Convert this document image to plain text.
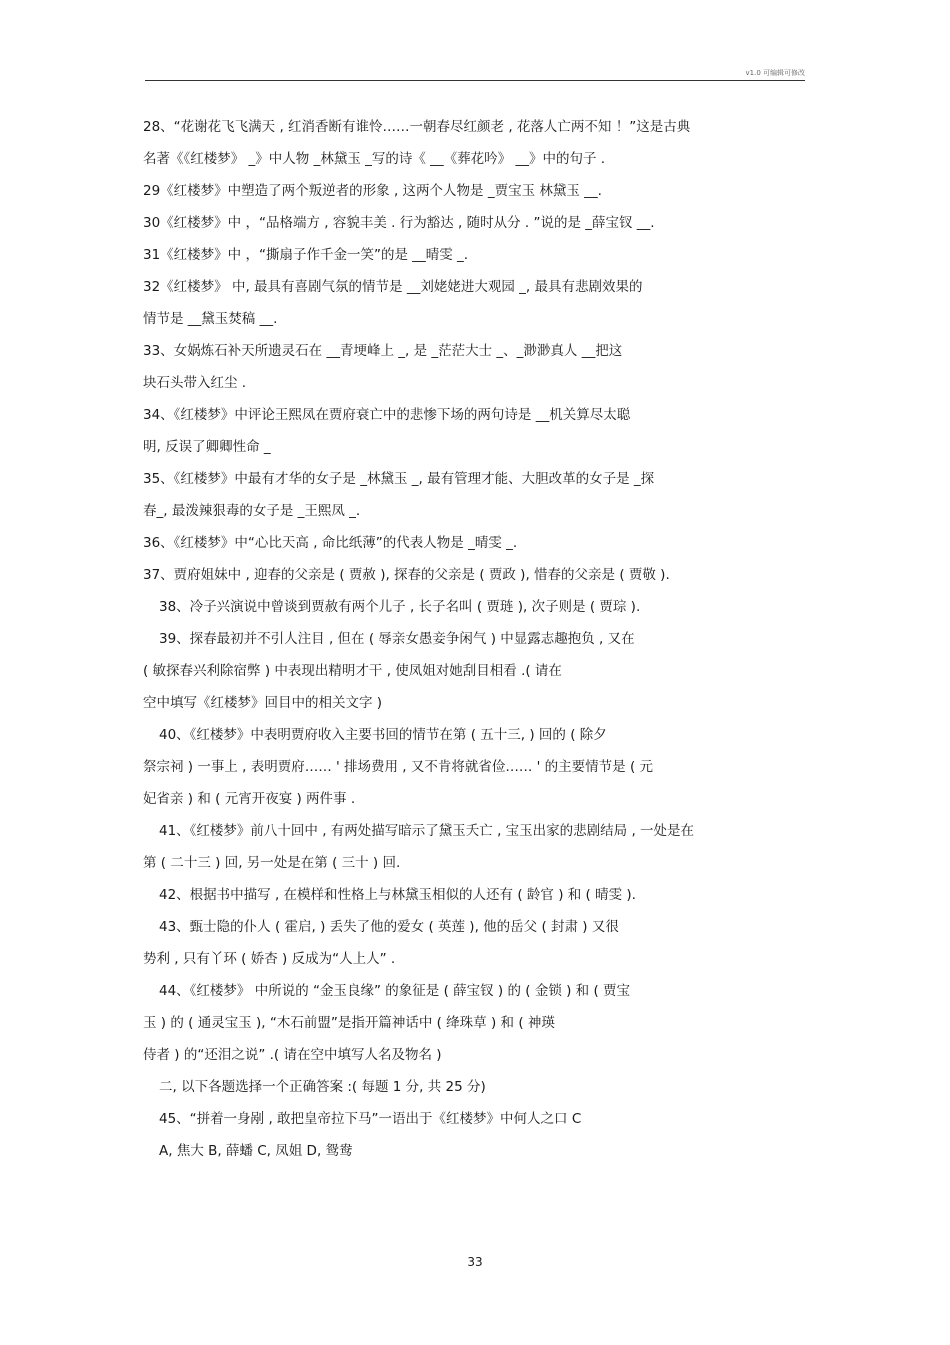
v1.0 可编辑可修改

28、“花谢花飞飞满天 , 红消香断有谁怜……一朝春尽红颜老 , 花落人亡两不知 ！”这是古典

名著《《红楼梦》 _》中人物 _林黛玉 _写的诗《 __《葬花吟》 __》中的句子 .

29《红楼梦》中塑造了两个叛逆者的形象 , 这两个人物是 _贾宝玉 林黛玉 __.

30《红楼梦》中 ，“品格端方 , 容貌丰美 . 行为豁达 , 随时从分 . ”说的是 _薛宝钗 __.

31《红楼梦》中 ，“撕扇子作千金一笑”的是 __晴雯 _.

32《红楼梦》 中, 最具有喜剧气氛的情节是 __刘姥姥进大观园 _, 最具有悲剧效果的

情节是 __黛玉焚稿 __.

33、女娲炼石补天所遗灵石在 __青埂峰上 _, 是 _茫茫大士 _、_渺渺真人 __把这

块石头带入红尘 .

34、《红楼梦》中评论王熙凤在贾府衰亡中的悲惨下场的两句诗是 __机关算尽太聪

明, 反误了卿卿性命 _

35、《红楼梦》中最有才华的女子是 _林黛玉 _, 最有管理才能、大胆改革的女子是 _探

春_, 最泼辣狠毒的女子是 _王熙凤 _.

36、《红楼梦》中“心比天高 , 命比纸薄”的代表人物是 _晴雯 _.

37、贾府姐妹中 , 迎春的父亲是 ( 贾赦 ), 探春的父亲是 ( 贾政 ), 惜春的父亲是 ( 贾敬 ).

38、冷子兴演说中曾谈到贾赦有两个儿子 , 长子名叫 ( 贾琏 ), 次子则是 ( 贾琮 ).

39、探春最初并不引人注目 , 但在 ( 辱亲女愚妾争闲气 ) 中显露志趣抱负 , 又在

( 敏探春兴利除宿弊 ) 中表现出精明才干 , 使凤姐对她刮目相看 .( 请在

空中填写《红楼梦》回目中的相关文字 )

40、《红楼梦》中表明贾府收入主要书回的情节在第 ( 五十三, ) 回的 ( 除夕

祭宗祠 ) 一事上 , 表明贾府…… ' 排场费用 , 又不肯将就省俭…… ' 的主要情节是 ( 元

妃省亲 ) 和 ( 元宵开夜宴 ) 两件事 .

41、《红楼梦》前八十回中 , 有两处描写暗示了黛玉夭亡 , 宝玉出家的悲剧结局 , 一处是在

第 ( 二十三 ) 回, 另一处是在第 ( 三十 ) 回.

42、根据书中描写 , 在模样和性格上与林黛玉相似的人还有 ( 龄官 ) 和 ( 晴雯 ).

43、甄士隐的仆人 ( 霍启, ) 丢失了他的爱女 ( 英莲 ), 他的岳父 ( 封肃 ) 又很

势利 , 只有丫环 ( 娇杏 ) 反成为“人上人” .

44、《红楼梦》 中所说的 “金玉良缘” 的象征是 ( 薛宝钗 ) 的 ( 金锁 ) 和 ( 贾宝

玉 ) 的 ( 通灵宝玉 ), “木石前盟”是指开篇神话中 ( 绛珠草 ) 和 ( 神瑛

侍者 ) 的“还泪之说” .( 请在空中填写人名及物名 )

二, 以下各题选择一个正确答案 :( 每题 1 分, 共 25 分)

45、“拼着一身剐 , 敢把皇帝拉下马”一语出于《红楼梦》中何人之口 C

A, 焦大 B, 薛蟠 C, 凤姐 D, 鸳鸯

33
